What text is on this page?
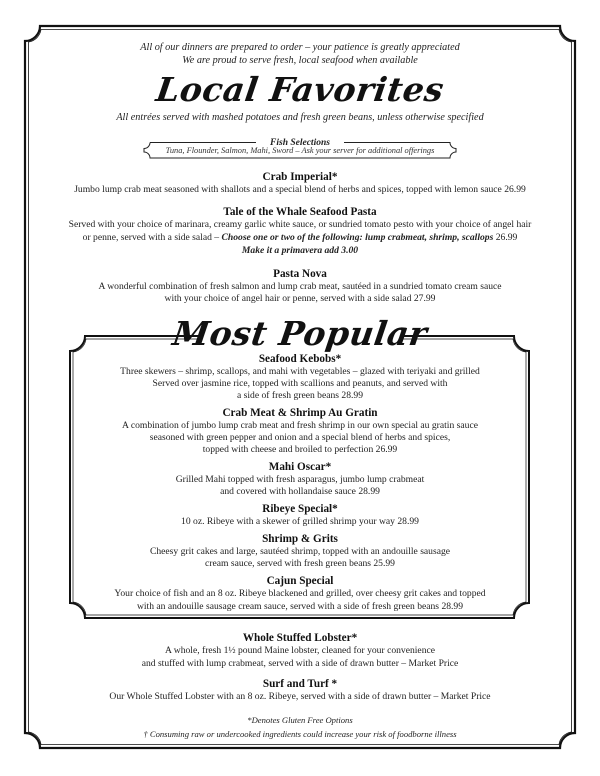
All of our dinners are prepared to order – your patience is greatly appreciated
We are proud to serve fresh, local seafood when available
Local Favorites
All entrées served with mashed potatoes and fresh green beans, unless otherwise specified
Fish Selections
Tuna, Flounder, Salmon, Mahi, Sword – Ask your server for additional offerings
Crab Imperial*
Jumbo lump crab meat seasoned with shallots and a special blend of herbs and spices, topped with lemon sauce 26.99
Tale of the Whale Seafood Pasta
Served with your choice of marinara, creamy garlic white sauce, or sundried tomato pesto with your choice of angel hair
or penne, served with a side salad – Choose one or two of the following: lump crabmeat, shrimp, scallops 26.99
Make it a primavera add 3.00
Pasta Nova
A wonderful combination of fresh salmon and lump crab meat, sautéed in a sundried tomato cream sauce
with your choice of angel hair or penne, served with a side salad 27.99
Most Popular
Seafood Kebobs*
Three skewers – shrimp, scallops, and mahi with vegetables – glazed with teriyaki and grilled
Served over jasmine rice, topped with scallions and peanuts, and served with
a side of fresh green beans 28.99
Crab Meat & Shrimp Au Gratin
A combination of jumbo lump crab meat and fresh shrimp in our own special au gratin sauce
seasoned with green pepper and onion and a special blend of herbs and spices,
topped with cheese and broiled to perfection 26.99
Mahi Oscar*
Grilled Mahi topped with fresh asparagus, jumbo lump crabmeat
and covered with hollandaise sauce 28.99
Ribeye Special*
10 oz. Ribeye with a skewer of grilled shrimp your way 28.99
Shrimp & Grits
Cheesy grit cakes and large, sautéed shrimp, topped with an andouille sausage
cream sauce, served with fresh green beans 25.99
Cajun Special
Your choice of fish and an 8 oz. Ribeye blackened and grilled, over cheesy grit cakes and topped
with an andouille sausage cream sauce, served with a side of fresh green beans 28.99
Whole Stuffed Lobster*
A whole, fresh 1½ pound Maine lobster, cleaned for your convenience
and stuffed with lump crabmeat, served with a side of drawn butter – Market Price
Surf and Turf *
Our Whole Stuffed Lobster with an 8 oz. Ribeye, served with a side of drawn butter – Market Price
*Denotes Gluten Free Options
† Consuming raw or undercooked ingredients could increase your risk of foodborne illness
